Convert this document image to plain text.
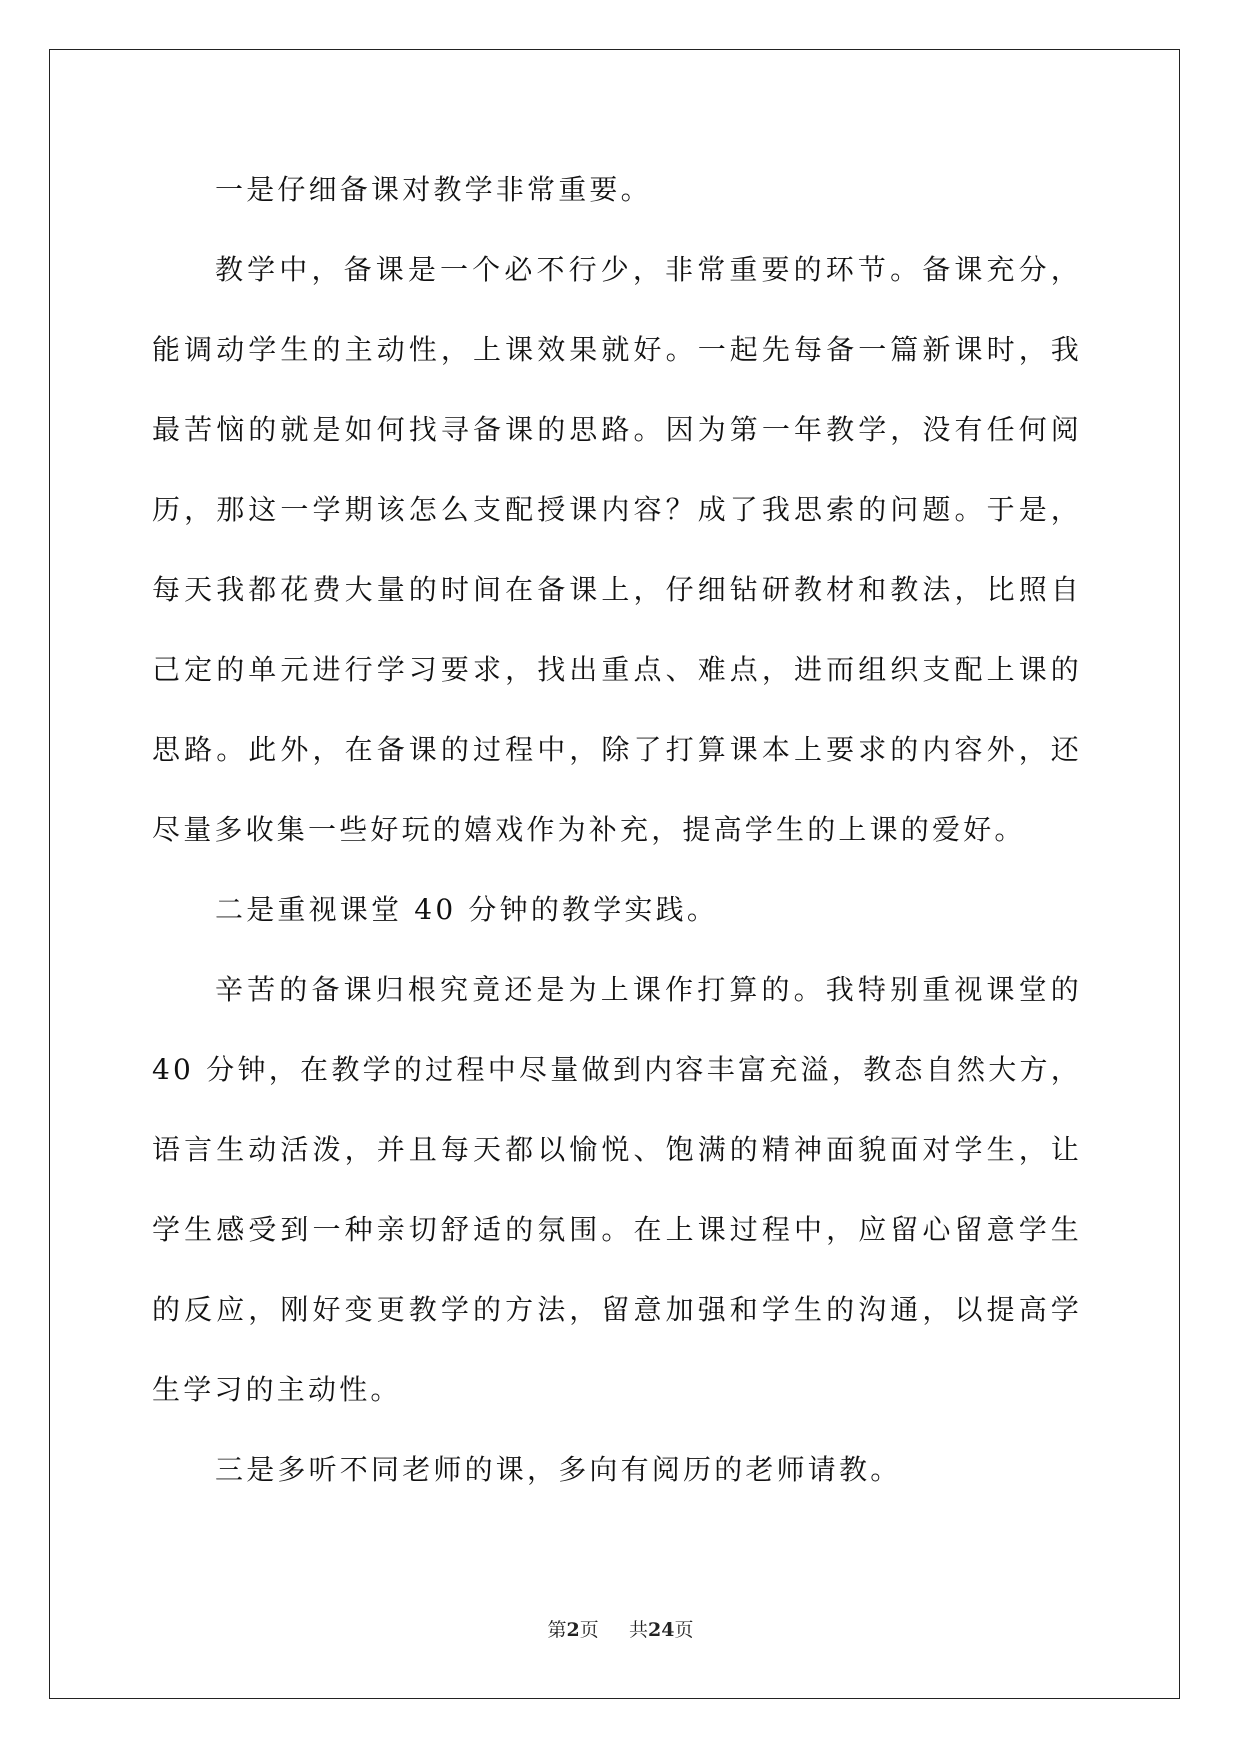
一是仔细备课对教学非常重要。

教学中，备课是一个必不行少，非常重要的环节。备课充分，能调动学生的主动性，上课效果就好。一起先每备一篇新课时，我最苦恼的就是如何找寻备课的思路。因为第一年教学，没有任何阅历，那这一学期该怎么支配授课内容？成了我思索的问题。于是，每天我都花费大量的时间在备课上，仔细钻研教材和教法，比照自己定的单元进行学习要求，找出重点、难点，进而组织支配上课的思路。此外，在备课的过程中，除了打算课本上要求的内容外，还尽量多收集一些好玩的嬉戏作为补充，提高学生的上课的爱好。

二是重视课堂 40 分钟的教学实践。

辛苦的备课归根究竟还是为上课作打算的。我特别重视课堂的 40 分钟，在教学的过程中尽量做到内容丰富充溢，教态自然大方，语言生动活泼，并且每天都以愉悦、饱满的精神面貌面对学生，让学生感受到一种亲切舒适的氛围。在上课过程中，应留心留意学生的反应，刚好变更教学的方法，留意加强和学生的沟通，以提高学生学习的主动性。

三是多听不同老师的课，多向有阅历的老师请教。

第2页 共24页
